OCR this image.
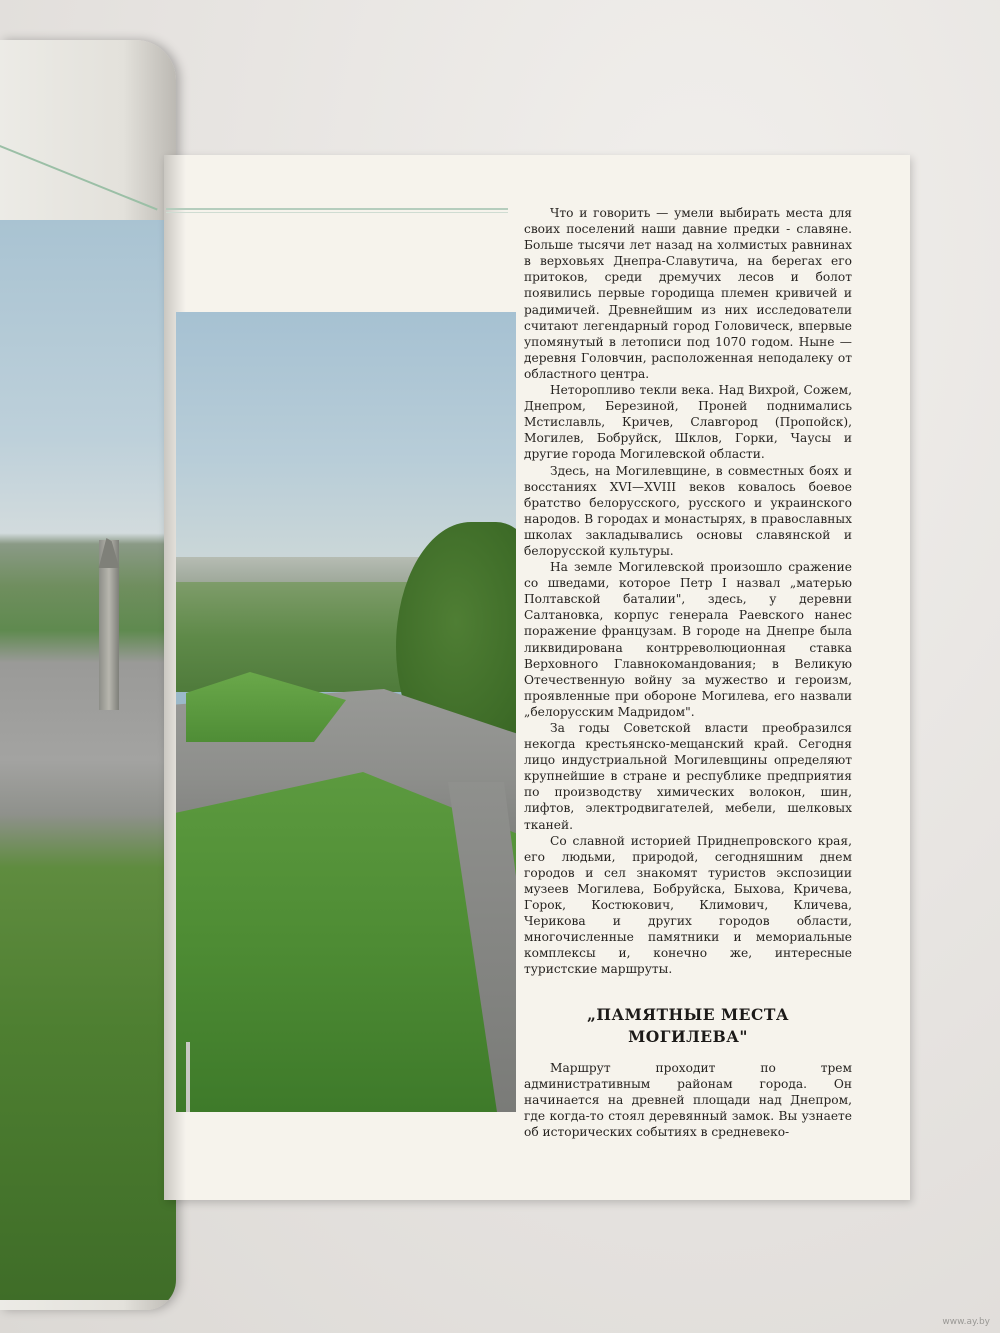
Что и говорить — умели выбирать места для своих поселений наши давние предки - славяне. Больше тысячи лет назад на холмистых равнинах в верховьях Днепра-Славутича, на берегах его притоков, среди дремучих лесов и болот появились первые городища племен кривичей и радимичей. Древнейшим из них исследователи считают легендарный город Головическ, впервые упомянутый в летописи под 1070 годом. Ныне — деревня Головчин, расположенная неподалеку от областного центра.

Неторопливо текли века. Над Вихрой, Сожем, Днепром, Березиной, Проней поднимались Мстиславль, Кричев, Славгород (Пропойск), Могилев, Бобруйск, Шклов, Горки, Чаусы и другие города Могилевской области.

Здесь, на Могилевщине, в совместных боях и восстаниях XVI—XVIII веков ковалось боевое братство белорусского, русского и украинского народов. В городах и монастырях, в православных школах закладывались основы славянской и белорусской культуры.

На земле Могилевской произошло сражение со шведами, которое Петр I назвал „матерью Полтавской баталии", здесь, у деревни Салтановка, корпус генерала Раевского нанес поражение французам. В городе на Днепре была ликвидирована контрреволюционная ставка Верховного Главнокомандования; в Великую Отечественную войну за мужество и героизм, проявленные при обороне Могилева, его назвали „белорусским Мадридом".

За годы Советской власти преобразился некогда крестьянско-мещанский край. Сегодня лицо индустриальной Могилевщины определяют крупнейшие в стране и республике предприятия по производству химических волокон, шин, лифтов, электродвигателей, мебели, шелковых тканей.

Со славной историей Приднепровского края, его людьми, природой, сегодняшним днем городов и сел знакомят туристов экспозиции музеев Могилева, Бобруйска, Быхова, Кричева, Горок, Костюкович, Климович, Кличева, Черикова и других городов области, многочисленные памятники и мемориальные комплексы и, конечно же, интересные туристские маршруты.

„ПАМЯТНЫЕ МЕСТА
МОГИЛЕВА"

Маршрут проходит по трем административным районам города. Он начинается на древней площади над Днепром, где когда-то стоял деревянный замок. Вы узнаете об исторических событиях в средневеко-

www.ay.by
